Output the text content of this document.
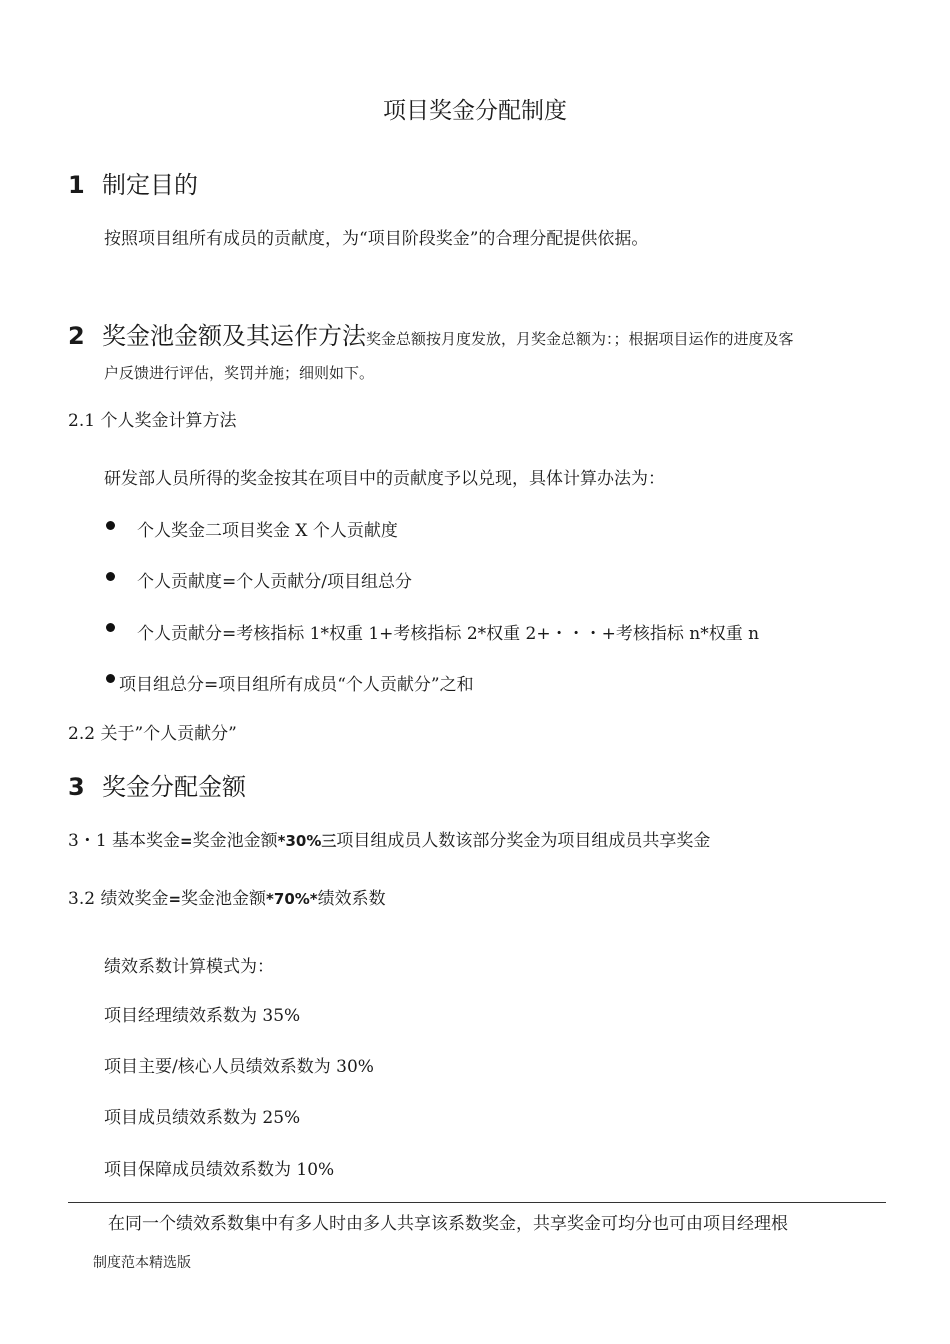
项目奖金分配制度
1 制定目的
按照项目组所有成员的贡献度，为“项目阶段奖金”的合理分配提供依据。
2 奖金池金额及其运作方法奖金总额按月度发放，月奖金总额为：；根据项目运作的进度及客
户反馈进行评估，奖罚并施；细则如下。
2.1 个人奖金计算方法
研发部人员所得的奖金按其在项目中的贡献度予以兑现，具体计算办法为：
个人奖金二项目奖金 X 个人贡献度
个人贡献度=个人贡献分/项目组总分
个人贡献分=考核指标 1*权重 1+考核指标 2*权重 2+・・・+考核指标 n*权重 n
项目组总分=项目组所有成员“个人贡献分”之和
2.2 关于”个人贡献分”
3 奖金分配金额
3・1 基本奖金=奖金池金额*30%三项目组成员人数该部分奖金为项目组成员共享奖金
3.2 绩效奖金=奖金池金额*70%*绩效系数
绩效系数计算模式为：
项目经理绩效系数为 35%
项目主要/核心人员绩效系数为 30%
项目成员绩效系数为 25%
项目保障成员绩效系数为 10%
在同一个绩效系数集中有多人时由多人共享该系数奖金，共享奖金可均分也可由项目经理根
制度范本精选版
